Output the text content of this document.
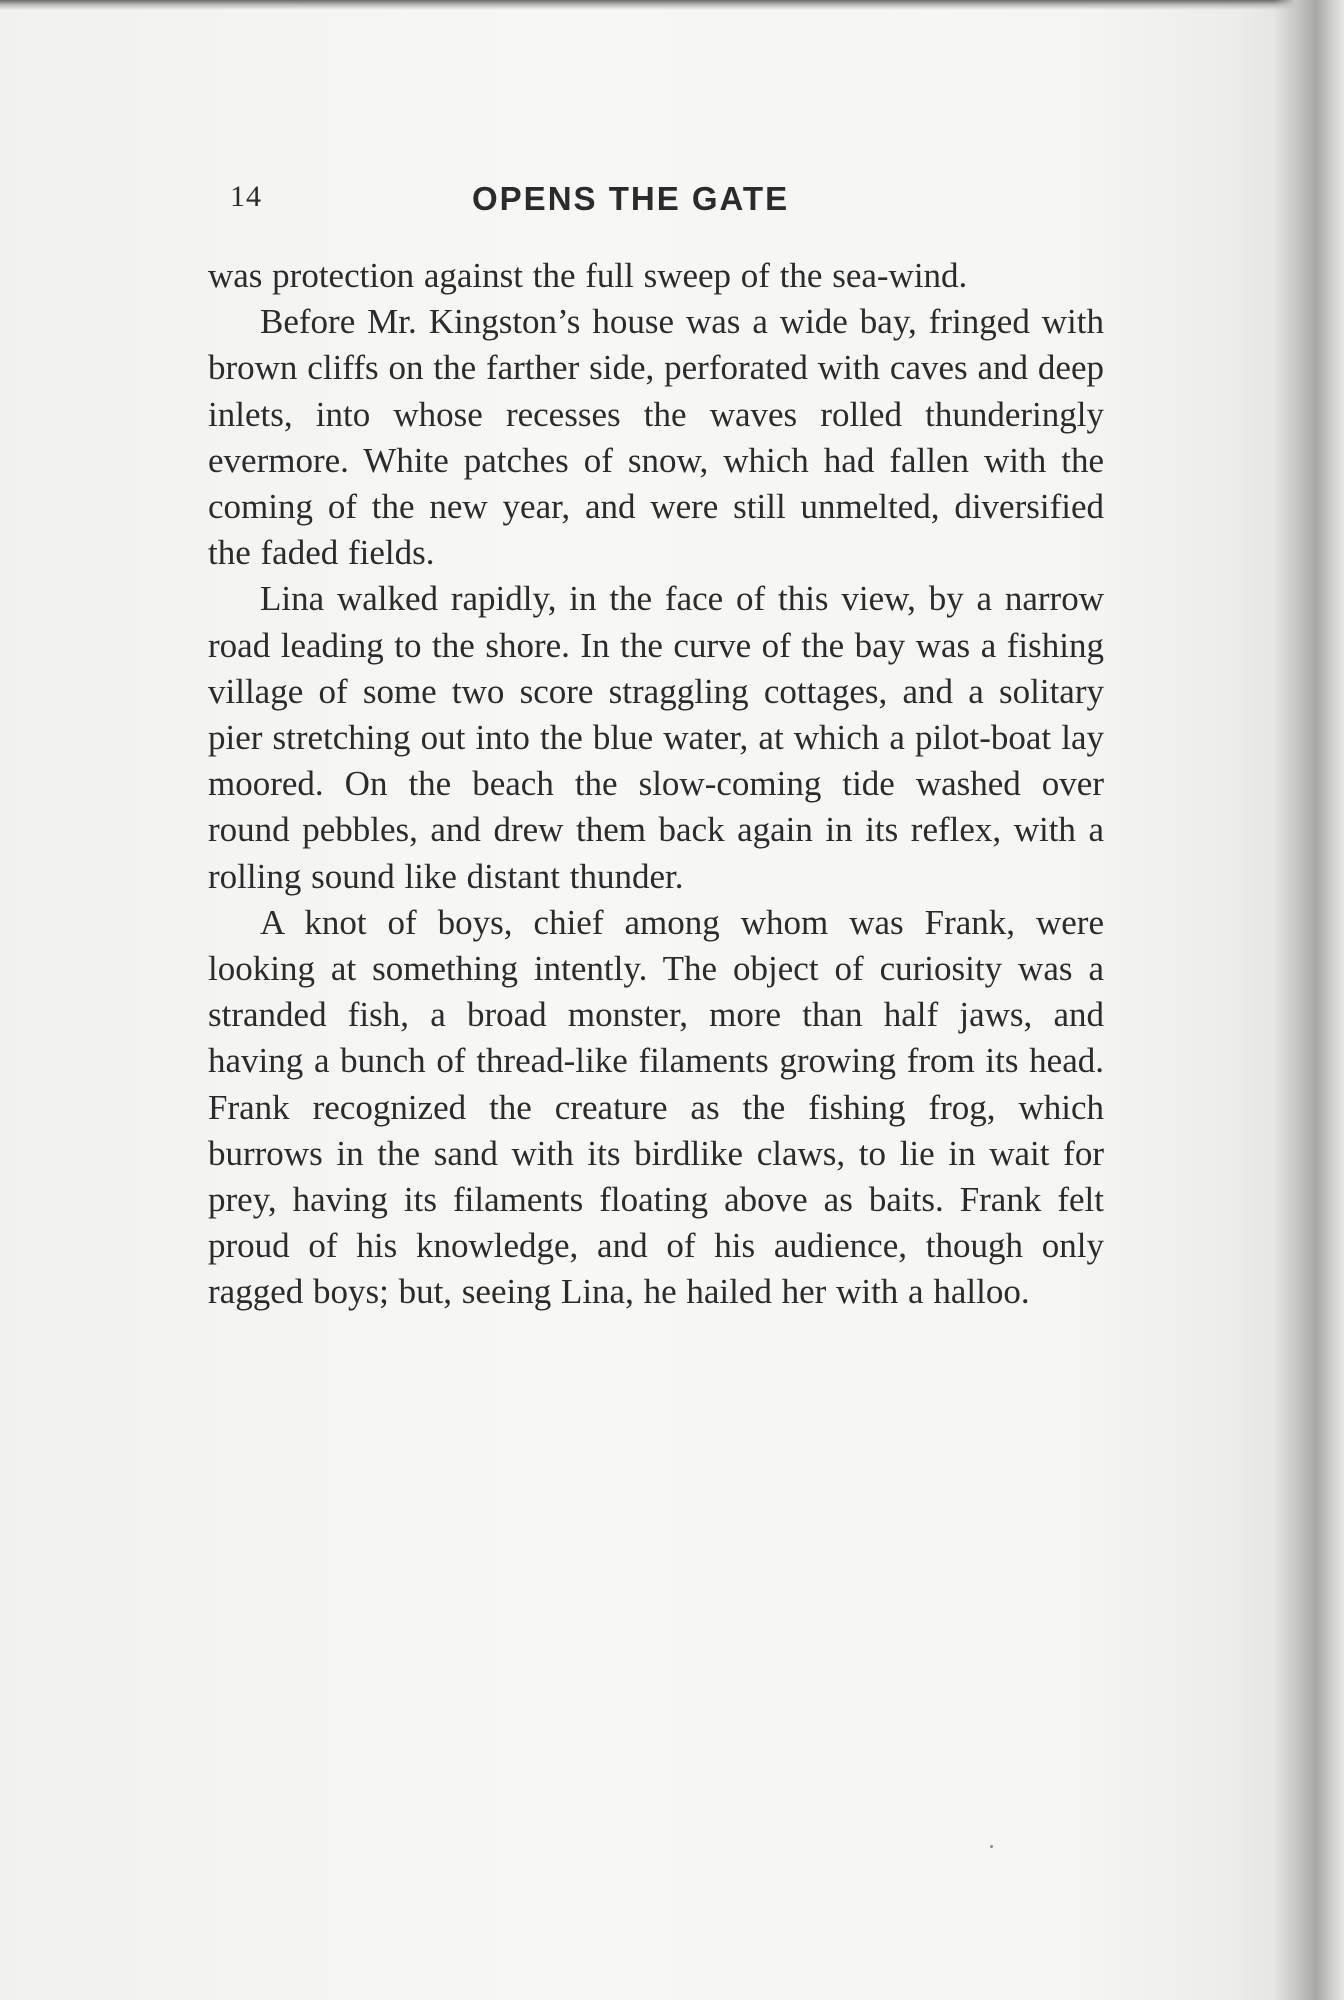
14	OPENS THE GATE

was protection against the full sweep of the sea-wind.

Before Mr. Kingston’s house was a wide bay, fringed with brown cliffs on the farther side, perforated with caves and deep inlets, into whose recesses the waves rolled thunderingly evermore. White patches of snow, which had fallen with the coming of the new year, and were still unmelted, diversified the faded fields.

Lina walked rapidly, in the face of this view, by a narrow road leading to the shore. In the curve of the bay was a fishing village of some two score straggling cottages, and a solitary pier stretching out into the blue water, at which a pilot-boat lay moored. On the beach the slow-coming tide washed over round pebbles, and drew them back again in its reflex, with a rolling sound like distant thunder.

A knot of boys, chief among whom was Frank, were looking at something intently. The object of curiosity was a stranded fish, a broad monster, more than half jaws, and having a bunch of thread-like filaments growing from its head. Frank recognized the creature as the fishing frog, which burrows in the sand with its birdlike claws, to lie in wait for prey, having its filaments floating above as baits. Frank felt proud of his knowledge, and of his audience, though only ragged boys; but, seeing Lina, he hailed her with a halloo.
